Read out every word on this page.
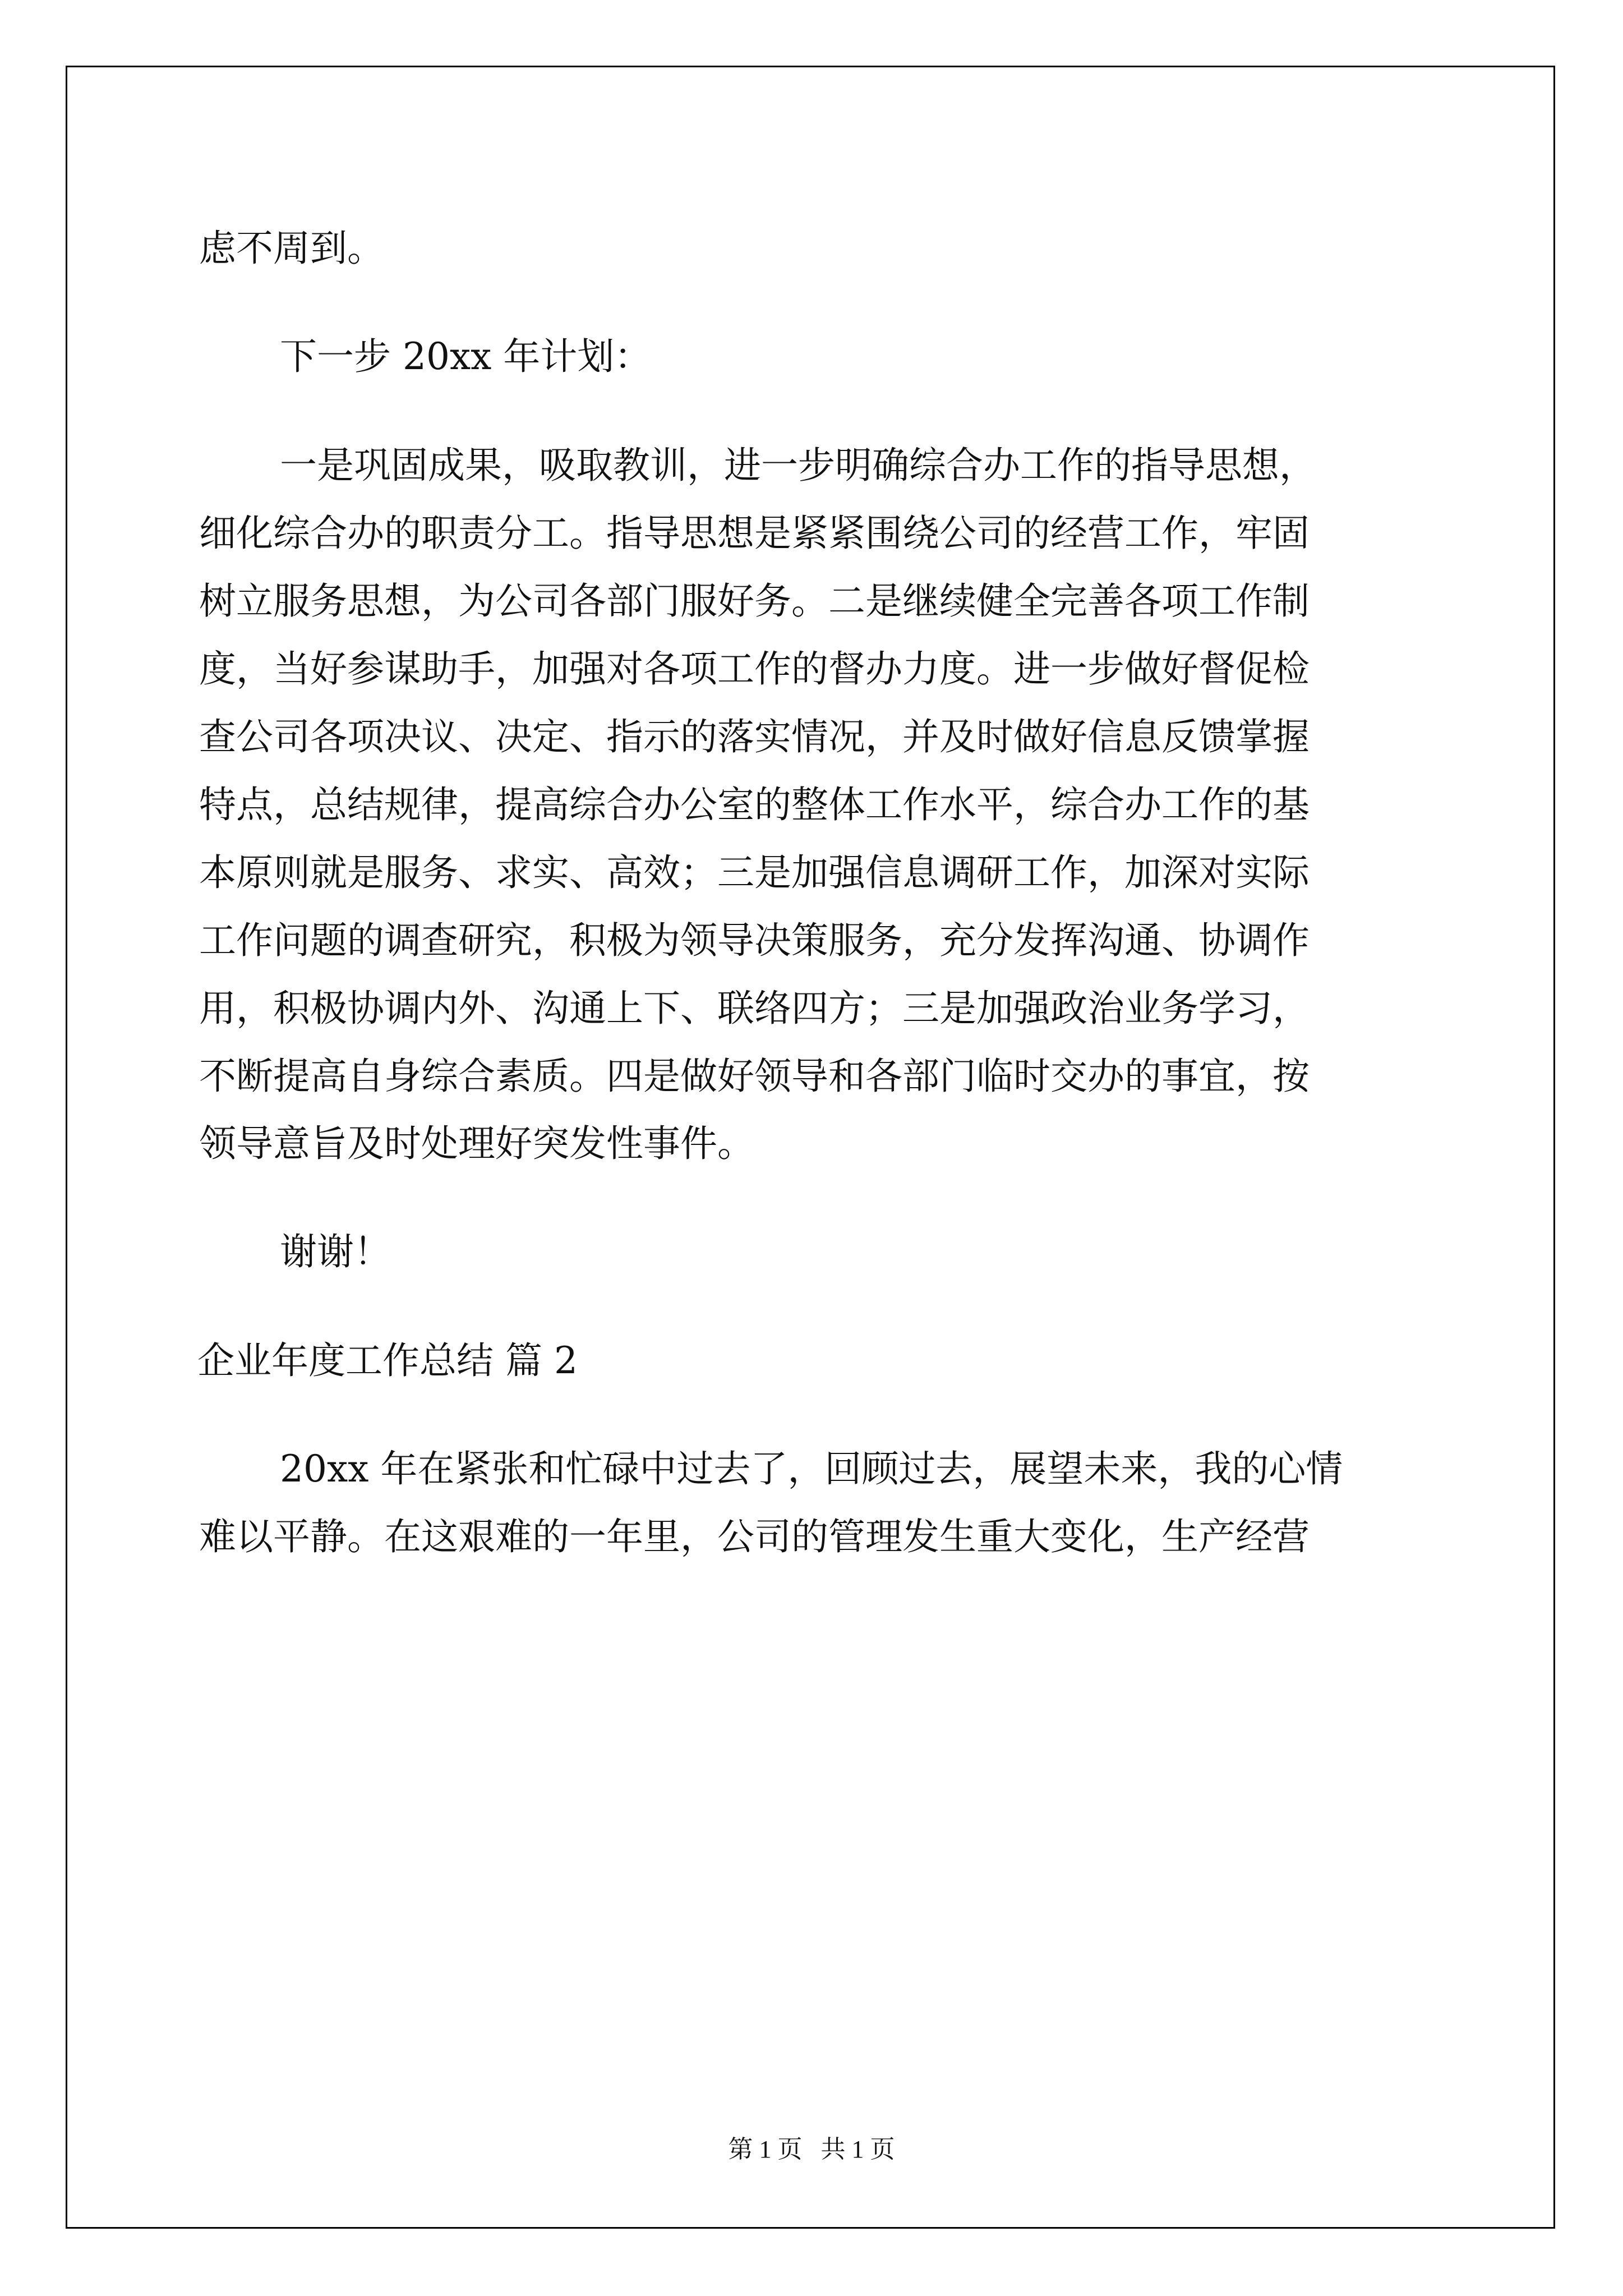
虑不周到。
下一步 20xx 年计划：
一是巩固成果，吸取教训，进一步明确综合办工作的指导思想，
细化综合办的职责分工。指导思想是紧紧围绕公司的经营工作，牢固
树立服务思想，为公司各部门服好务。二是继续健全完善各项工作制
度，当好参谋助手，加强对各项工作的督办力度。进一步做好督促检
查公司各项决议、决定、指示的落实情况，并及时做好信息反馈掌握
特点，总结规律，提高综合办公室的整体工作水平，综合办工作的基
本原则就是服务、求实、高效；三是加强信息调研工作，加深对实际
工作问题的调查研究，积极为领导决策服务，充分发挥沟通、协调作
用，积极协调内外、沟通上下、联络四方；三是加强政治业务学习，
不断提高自身综合素质。四是做好领导和各部门临时交办的事宜，按
领导意旨及时处理好突发性事件。
谢谢！
企业年度工作总结 篇 2
20xx 年在紧张和忙碌中过去了，回顾过去，展望未来，我的心情
难以平静。在这艰难的一年里，公司的管理发生重大变化，生产经营
第 1 页   共 1 页
